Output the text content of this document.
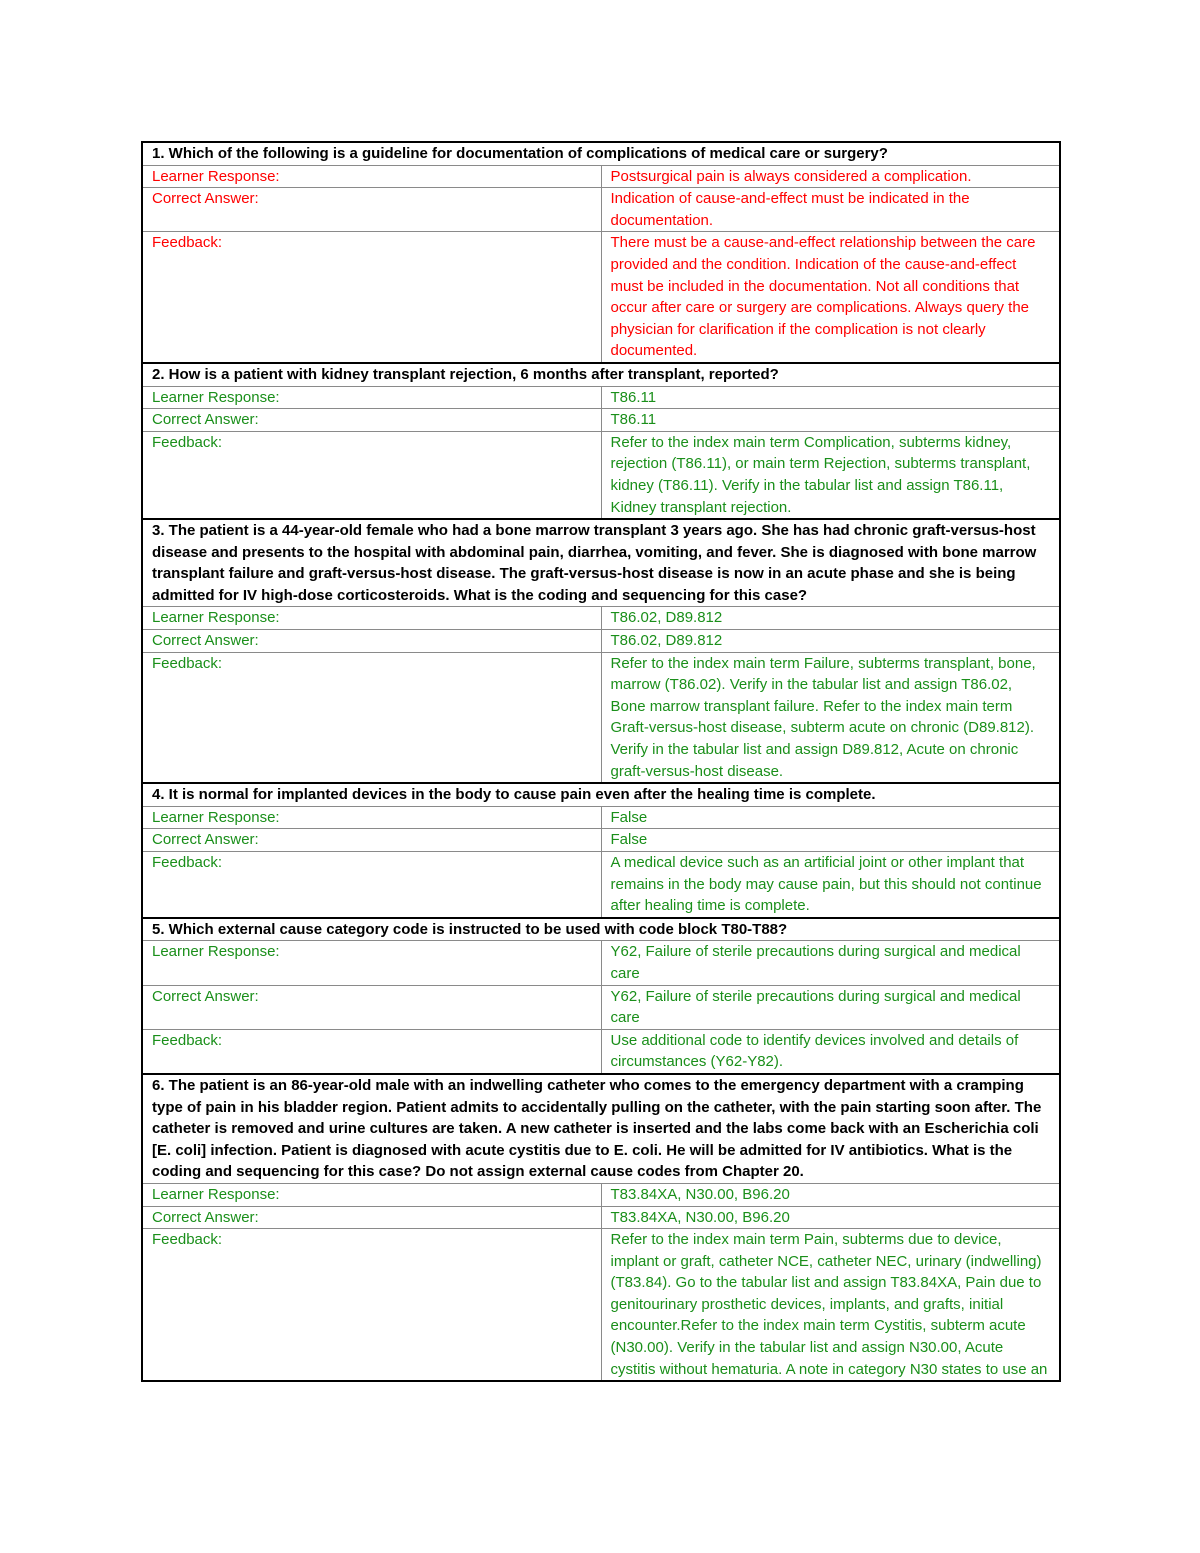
1. Which of the following is a guideline for documentation of complications of medical care or surgery?	
Learner Response:	Postsurgical pain is always considered a complication.
Correct Answer:	Indication of cause-and-effect must be indicated in the documentation.
Feedback:	There must be a cause-and-effect relationship between the care provided and the condition. Indication of the cause-and-effect must be included in the documentation. Not all conditions that occur after care or surgery are complications. Always query the physician for clarification if the complication is not clearly documented.
2. How is a patient with kidney transplant rejection, 6 months after transplant, reported?	
Learner Response:	T86.11
Correct Answer:	T86.11
Feedback:	Refer to the index main term Complication, subterms kidney, rejection (T86.11), or main term Rejection, subterms transplant, kidney (T86.11). Verify in the tabular list and assign T86.11, Kidney transplant rejection.
3. The patient is a 44-year-old female who had a bone marrow transplant 3 years ago. She has had chronic graft-versus-host disease and presents to the hospital with abdominal pain, diarrhea, vomiting, and fever. She is diagnosed with bone marrow transplant failure and graft-versus-host disease. The graft-versus-host disease is now in an acute phase and she is being admitted for IV high-dose corticosteroids. What is the coding and sequencing for this case?	
Learner Response:	T86.02, D89.812
Correct Answer:	T86.02, D89.812
Feedback:	Refer to the index main term Failure, subterms transplant, bone, marrow (T86.02). Verify in the tabular list and assign T86.02, Bone marrow transplant failure. Refer to the index main term Graft-versus-host disease, subterm acute on chronic (D89.812). Verify in the tabular list and assign D89.812, Acute on chronic graft-versus-host disease.
4. It is normal for implanted devices in the body to cause pain even after the healing time is complete.	
Learner Response:	False
Correct Answer:	False
Feedback:	A medical device such as an artificial joint or other implant that remains in the body may cause pain, but this should not continue after healing time is complete.
5. Which external cause category code is instructed to be used with code block T80-T88?	
Learner Response:	Y62, Failure of sterile precautions during surgical and medical care
Correct Answer:	Y62, Failure of sterile precautions during surgical and medical care
Feedback:	Use additional code to identify devices involved and details of circumstances (Y62-Y82).
6. The patient is an 86-year-old male with an indwelling catheter who comes to the emergency department with a cramping type of pain in his bladder region. Patient admits to accidentally pulling on the catheter, with the pain starting soon after. The catheter is removed and urine cultures are taken. A new catheter is inserted and the labs come back with an Escherichia coli [E. coli] infection. Patient is diagnosed with acute cystitis due to E. coli. He will be admitted for IV antibiotics. What is the coding and sequencing for this case? Do not assign external cause codes from Chapter 20.	
Learner Response:	T83.84XA, N30.00, B96.20
Correct Answer:	T83.84XA, N30.00, B96.20
Feedback:	Refer to the index main term Pain, subterms due to device, implant or graft, catheter NCE, catheter NEC, urinary (indwelling) (T83.84). Go to the tabular list and assign T83.84XA, Pain due to genitourinary prosthetic devices, implants, and grafts, initial encounter.Refer to the index main term Cystitis, subterm acute (N30.00). Verify in the tabular list and assign N30.00, Acute cystitis without hematuria. A note in category N30 states to use an
